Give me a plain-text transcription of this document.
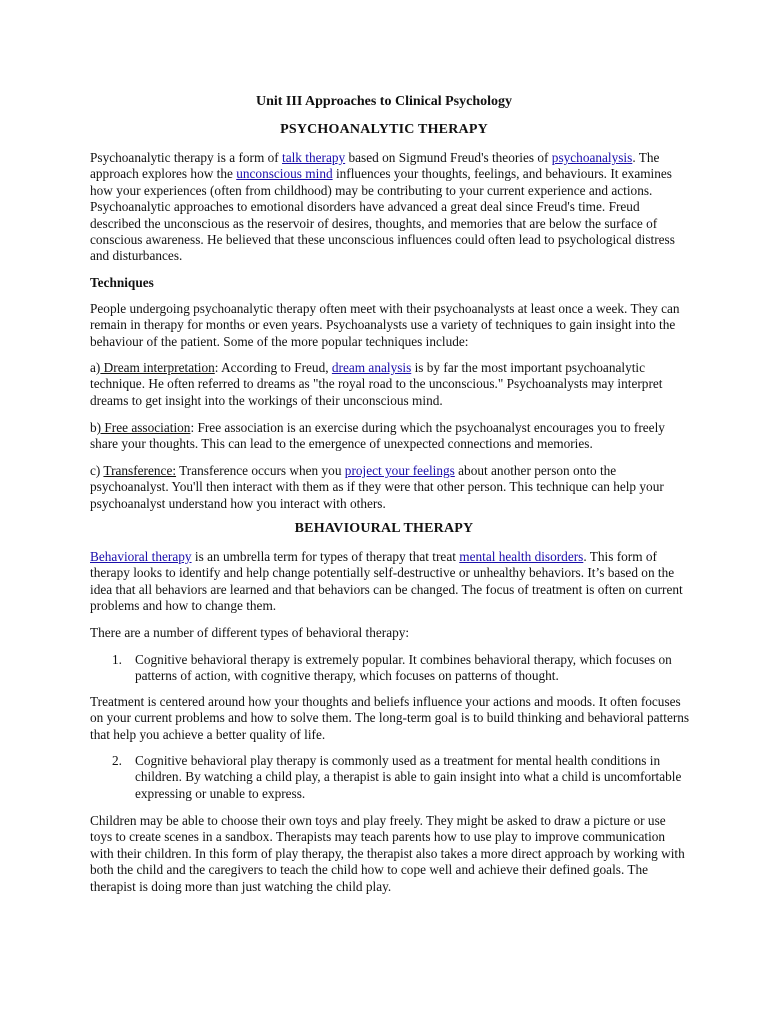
Unit III Approaches to Clinical Psychology
PSYCHOANALYTIC THERAPY

Psychoanalytic therapy is a form of talk therapy based on Sigmund Freud's theories of psychoanalysis. The approach explores how the unconscious mind influences your thoughts, feelings, and behaviours. It examines how your experiences (often from childhood) may be contributing to your current experience and actions. Psychoanalytic approaches to emotional disorders have advanced a great deal since Freud's time. Freud described the unconscious as the reservoir of desires, thoughts, and memories that are below the surface of conscious awareness. He believed that these unconscious influences could often lead to psychological distress and disturbances.

Techniques

People undergoing psychoanalytic therapy often meet with their psychoanalysts at least once a week. They can remain in therapy for months or even years. Psychoanalysts use a variety of techniques to gain insight into the behaviour of the patient. Some of the more popular techniques include:

a) Dream interpretation: According to Freud, dream analysis is by far the most important psychoanalytic technique. He often referred to dreams as "the royal road to the unconscious." Psychoanalysts may interpret dreams to get insight into the workings of their unconscious mind.

b) Free association: Free association is an exercise during which the psychoanalyst encourages you to freely share your thoughts. This can lead to the emergence of unexpected connections and memories.

c) Transference: Transference occurs when you project your feelings about another person onto the psychoanalyst. You'll then interact with them as if they were that other person. This technique can help your psychoanalyst understand how you interact with others.

BEHAVIOURAL THERAPY

Behavioral therapy is an umbrella term for types of therapy that treat mental health disorders. This form of therapy looks to identify and help change potentially self-destructive or unhealthy behaviors. It’s based on the idea that all behaviors are learned and that behaviors can be changed. The focus of treatment is often on current problems and how to change them.

There are a number of different types of behavioral therapy:

1. Cognitive behavioral therapy is extremely popular. It combines behavioral therapy, which focuses on patterns of action, with cognitive therapy, which focuses on patterns of thought.

Treatment is centered around how your thoughts and beliefs influence your actions and moods. It often focuses on your current problems and how to solve them. The long-term goal is to build thinking and behavioral patterns that help you achieve a better quality of life.

2. Cognitive behavioral play therapy is commonly used as a treatment for mental health conditions in children. By watching a child play, a therapist is able to gain insight into what a child is uncomfortable expressing or unable to express.

Children may be able to choose their own toys and play freely. They might be asked to draw a picture or use toys to create scenes in a sandbox. Therapists may teach parents how to use play to improve communication with their children. In this form of play therapy, the therapist also takes a more direct approach by working with both the child and the caregivers to teach the child how to cope well and achieve their defined goals. The therapist is doing more than just watching the child play.
